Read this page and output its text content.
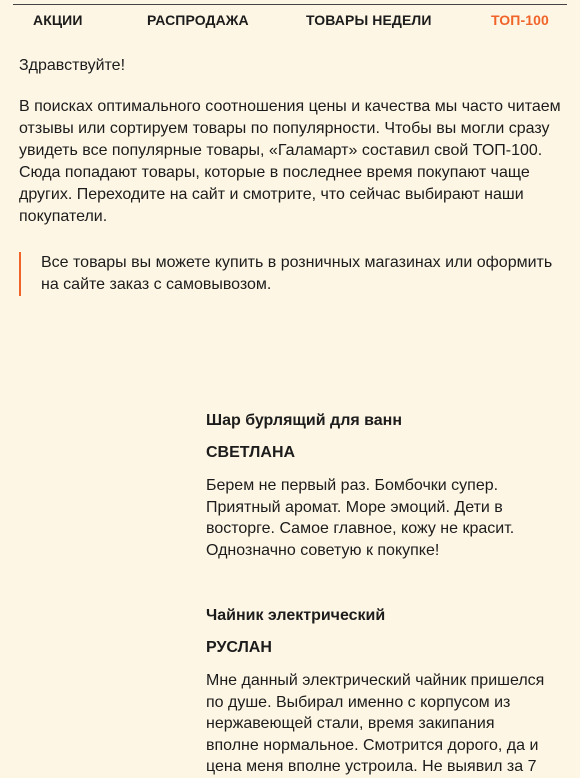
АКЦИИ	РАСПРОДАЖА	ТОВАРЫ НЕДЕЛИ	ТОП-100
Здравствуйте!

В поисках оптимального соотношения цены и качества мы часто читаем отзывы или сортируем товары по популярности. Чтобы вы могли сразу увидеть все популярные товары, «Галамарт» составил свой ТОП-100. Сюда попадают товары, которые в последнее время покупают чаще других. Переходите на сайт и смотрите, что сейчас выбирают наши покупатели.

Все товары вы можете купить в розничных магазинах или оформить на сайте заказ с самовывозом.

Шар бурлящий для ванн

СВЕТЛАНА

Берем не первый раз. Бомбочки супер. Приятный аромат. Море эмоций. Дети в восторге. Самое главное, кожу не красит. Однозначно советую к покупке!

Чайник электрический

РУСЛАН

Мне данный электрический чайник пришелся по душе. Выбирал именно с корпусом из нержавеющей стали, время закипания вполне нормальное. Смотрится дорого, да и цена меня вполне устроила. Не выявил за 7
